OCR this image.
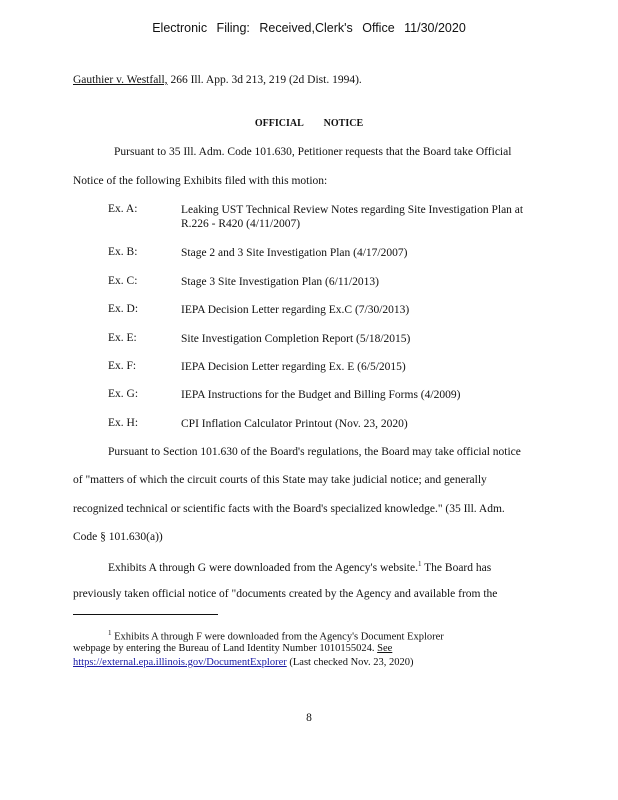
Electronic Filing: Received,Clerk's Office 11/30/2020
Gauthier v. Westfall, 266 Ill. App. 3d 213, 219 (2d Dist. 1994).
OFFICIAL NOTICE
Pursuant to 35 Ill. Adm. Code 101.630, Petitioner requests that the Board take Official
Notice of the following Exhibits filed with this motion:
Ex. A:	Leaking UST Technical Review Notes regarding Site Investigation Plan at R.226 - R420 (4/11/2007)
Ex. B:	Stage 2 and 3 Site Investigation Plan (4/17/2007)
Ex. C:	Stage 3 Site Investigation Plan (6/11/2013)
Ex. D:	IEPA Decision Letter regarding Ex.C (7/30/2013)
Ex. E:	Site Investigation Completion Report (5/18/2015)
Ex. F:	IEPA Decision Letter regarding Ex. E (6/5/2015)
Ex. G:	IEPA Instructions for the Budget and Billing Forms (4/2009)
Ex. H:	CPI Inflation Calculator Printout (Nov. 23, 2020)
Pursuant to Section 101.630 of the Board's regulations, the Board may take official notice
of "matters of which the circuit courts of this State may take judicial notice; and generally
recognized technical or scientific facts with the Board's specialized knowledge." (35 Ill. Adm.
Code § 101.630(a))
Exhibits A through G were downloaded from the Agency's website.$^1$ The Board has
previously taken official notice of "documents created by the Agency and available from the
$^1$ Exhibits A through F were downloaded from the Agency's Document Explorer
webpage by entering the Bureau of Land Identity Number 1010155024. See
https://external.epa.illinois.gov/DocumentExplorer (Last checked Nov. 23, 2020)
8
